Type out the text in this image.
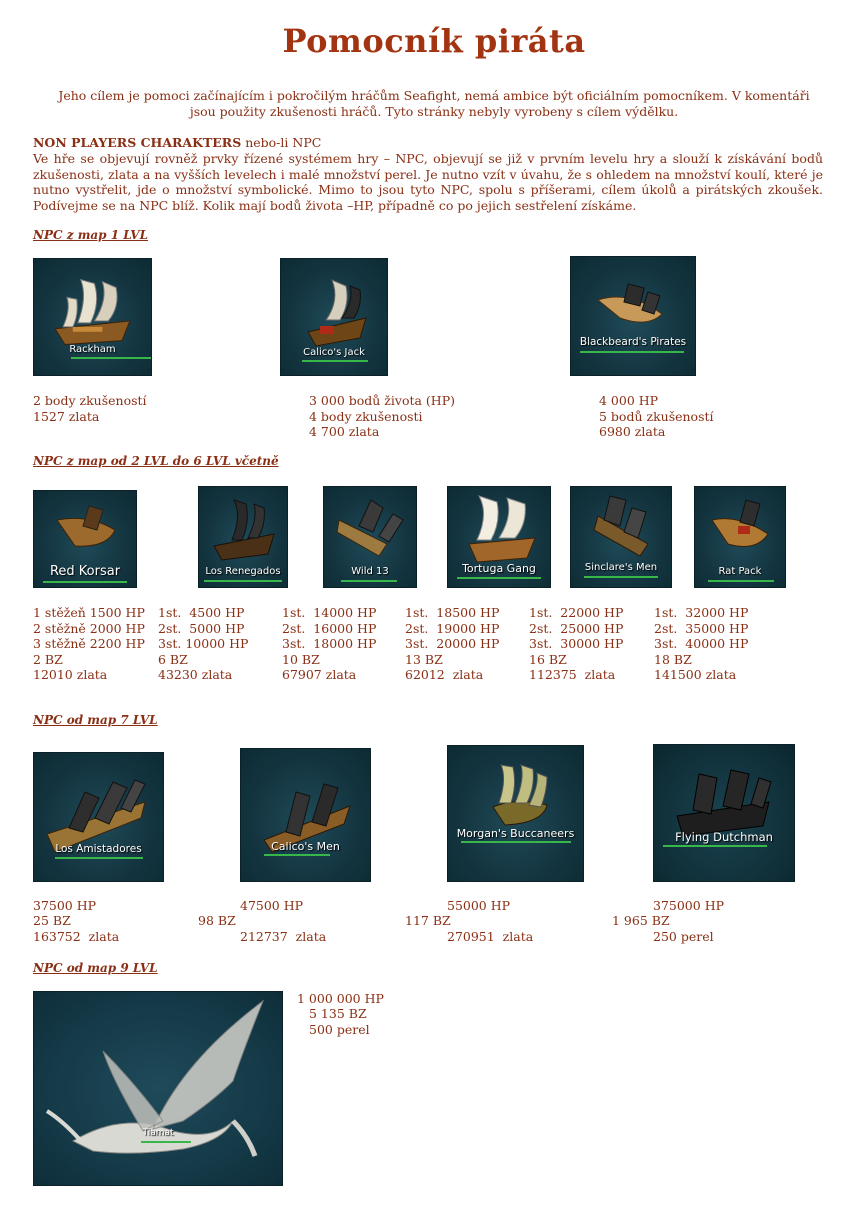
Pomocník piráta
Jeho cílem je pomoci začínajícím i pokročilým hráčům Seafight, nemá ambice být oficiálním pomocníkem. V komentáři
jsou použity zkušenosti hráčů. Tyto stránky nebyly vyrobeny s cílem výdělku.
NON PLAYERS CHARAKTERS nebo-li NPC
Ve hře se objevují rovněž prvky řízené systémem hry – NPC, objevují se již v prvním levelu hry a slouží k získávání bodů zkušenosti, zlata a na vyšších levelech i malé množství perel. Je nutno vzít v úvahu, že s ohledem na množství koulí, které je nutno vystřelit, jde o množství symbolické. Mimo to jsou tyto NPC, spolu s příšerami, cílem úkolů a pirátských zkoušek. Podívejme se na NPC blíž. Kolik mají bodů života –HP, případně co po jejich sestřelení získáme.
NPC z map 1 LVL
Rackham	Calico's Jack
Blackbeard's Pirates
2 body zkušeností
1527 zlata
3 000 bodů života (HP)
4 body zkušenosti
4 700 zlata
4 000 HP
5 bodů zkušeností
6980 zlata
NPC z map od 2 LVL do 6 LVL včetně
Red Korsar	Los Renegados	Wild 13	Tortuga Gang	Sinclare's Men	Rat Pack
1 stěžeň 1500 HP
2 stěžně 2000 HP
3 stěžně 2200 HP
2 BZ
12010 zlata
1st.  4500 HP
2st.  5000 HP
3st. 10000 HP
6 BZ
43230 zlata
1st.  14000 HP
2st.  16000 HP
3st.  18000 HP
10 BZ
67907 zlata
1st.  18500 HP
2st.  19000 HP
3st.  20000 HP
13 BZ
62012  zlata
1st.  22000 HP
2st.  25000 HP
3st.  30000 HP
16 BZ
112375  zlata
1st.  32000 HP
2st.  35000 HP
3st.  40000 HP
18 BZ
141500 zlata
NPC od map 7 LVL
Los Amistadores	Calico's Men
Morgan's Buccaneers	Flying Dutchman
37500 HP
25 BZ
163752  zlata
47500 HP
98 BZ
212737  zlata
55000 HP
117 BZ
270951  zlata
375000 HP
1 965 BZ
250 perel
NPC od map 9 LVL
Tiamat
1 000 000 HP
5 135 BZ
500 perel
